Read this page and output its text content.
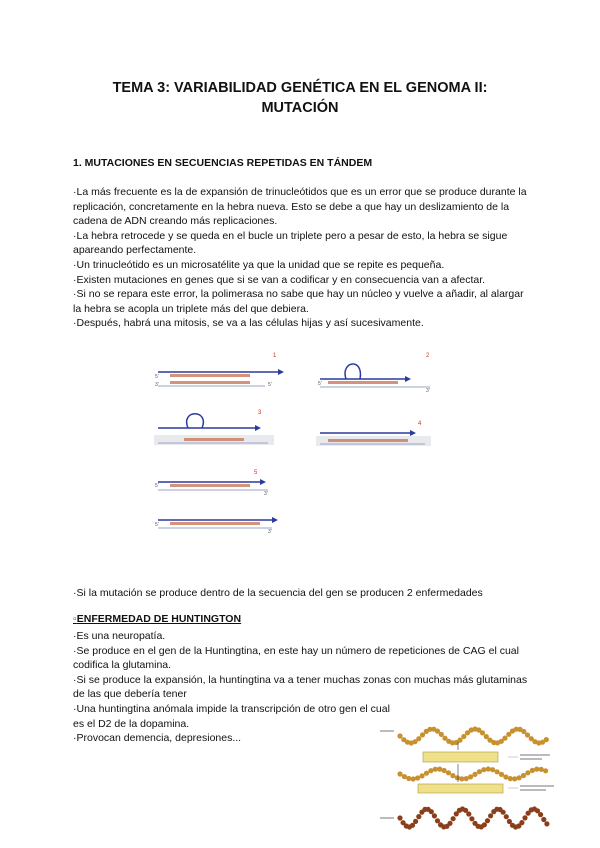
TEMA 3: VARIABILIDAD GENÉTICA EN EL GENOMA II:
MUTACIÓN
1. MUTACIONES EN SECUENCIAS REPETIDAS EN TÁNDEM

·La más frecuente es la de expansión de trinucleótidos que es un error que se produce durante la replicación, concretamente en la hebra nueva. Esto se debe a que hay un deslizamiento de la cadena de ADN creando más replicaciones.

·La hebra retrocede y se queda en el bucle un triplete pero a pesar de esto, la hebra se sigue apareando perfectamente.

·Un trinucleótido es un microsatélite ya que la unidad que se repite es pequeña.

·Existen mutaciones en genes que si se van a codificar y en consecuencia van a afectar.

·Si no se repara este error, la polimerasa no sabe que hay un núcleo y vuelve a añadir, al alargar la hebra se acopla un triplete más del que debiera.

·Después, habrá una mitosis, se va a las células hijas y así sucesivamente.

5'
3'	5'
1
5'
3'
2
3
4
5'
3'
5
5'
3'
·Si la mutación se produce dentro de la secuencia del gen se producen 2 enfermedades
▫ENFERMEDAD DE HUNTINGTON

·Es una neuropatía.

·Se produce en el gen de la Huntingtina, en este hay un número de repeticiones de CAG el cual codifica la glutamina.

·Si se produce la expansión, la huntingtina va a tener muchas zonas con muchas más glutaminas de las que debería tener

·Una huntingtina anómala impide la transcripción de otro gen el cual es el D2 de la dopamina.

·Provocan demencia, depresiones...
